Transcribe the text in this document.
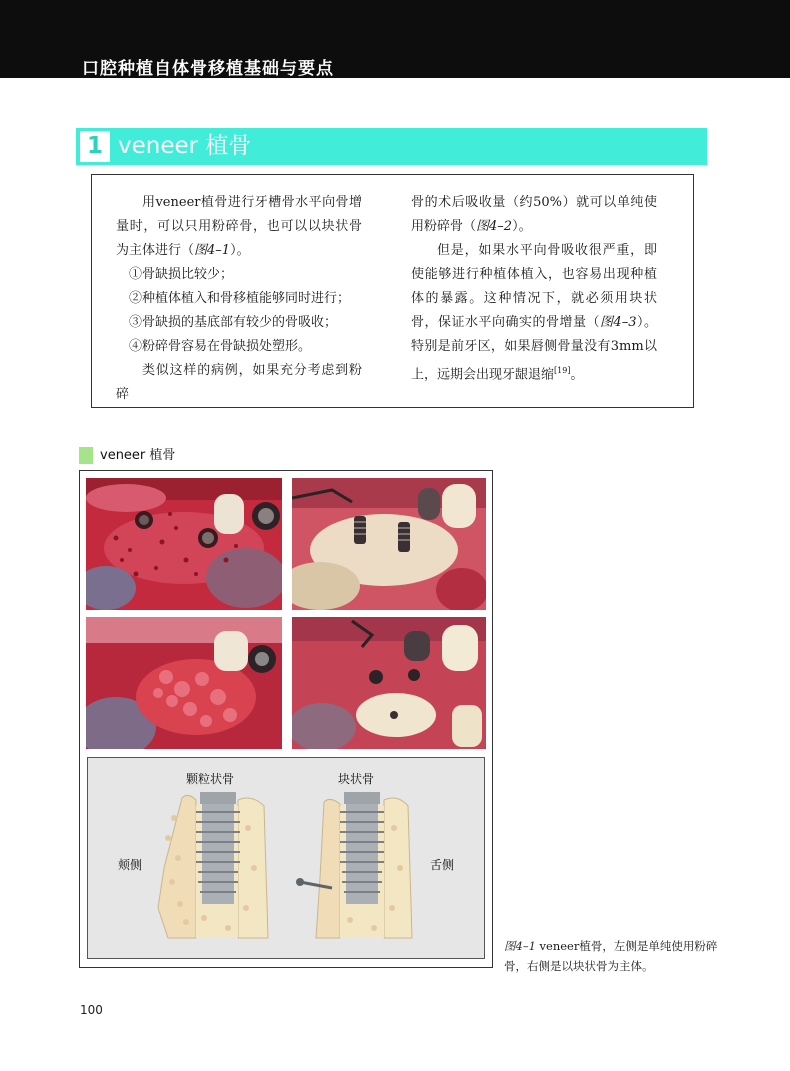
口腔种植自体骨移植基础与要点
1 veneer 植骨

用veneer植骨进行牙槽骨水平向骨增量时，可以只用粉碎骨，也可以以块状骨为主体进行（图4–1）。

①骨缺损比较少；

②种植体植入和骨移植能够同时进行；

③骨缺损的基底部有较少的骨吸收；

④粉碎骨容易在骨缺损处塑形。

类似这样的病例，如果充分考虑到粉碎

骨的术后吸收量（约50%）就可以单纯使用粉碎骨（图4–2）。

但是，如果水平向骨吸收很严重，即使能够进行种植体植入，也容易出现种植体的暴露。这种情况下，就必须用块状骨，保证水平向确实的骨增量（图4–3）。特别是前牙区，如果唇侧骨量没有3mm以上，远期会出现牙龈退缩[19]。

veneer 植骨
颗粒状骨	块状骨
颊侧	舌侧
图4–1 veneer植骨，左侧是单纯使用粉碎骨，右侧是以块状骨为主体。
100
